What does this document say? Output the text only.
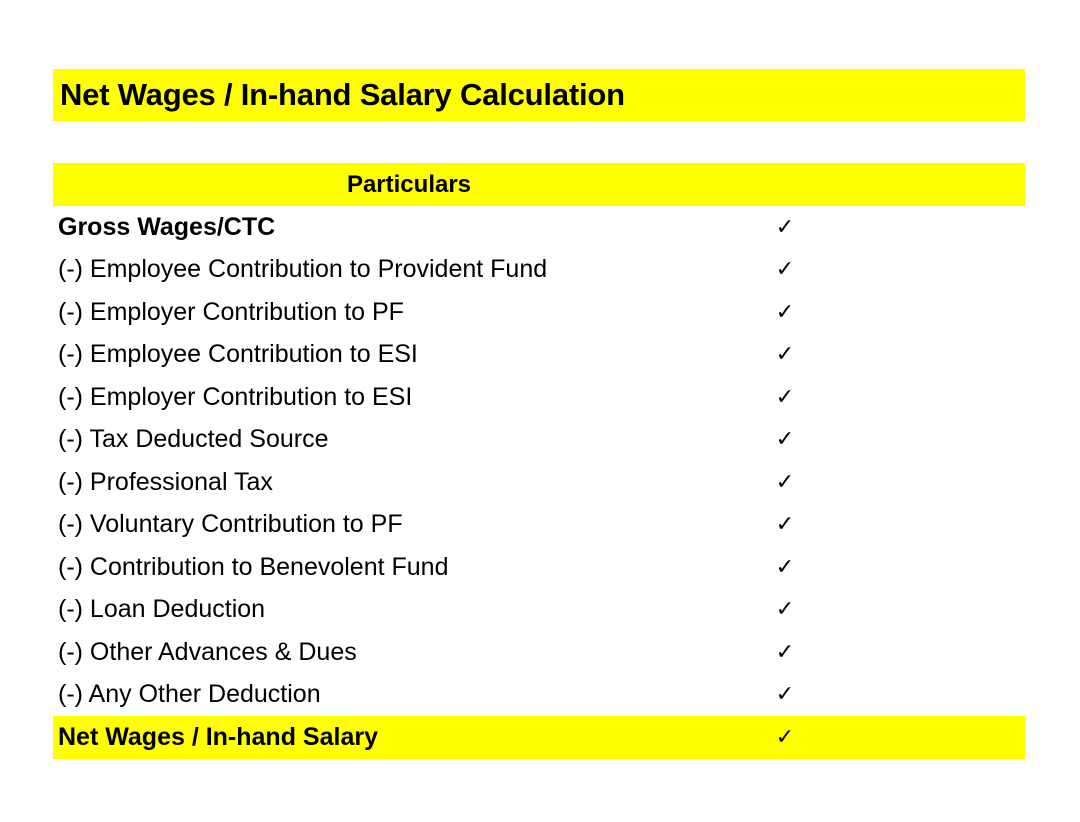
Net Wages / In-hand Salary Calculation
Particulars
Gross Wages/CTC	✓
(-) Employee Contribution to Provident Fund	✓
(-) Employer Contribution to PF	✓
(-) Employee Contribution to ESI	✓
(-) Employer Contribution to ESI	✓
(-) Tax Deducted Source	✓
(-) Professional Tax	✓
(-) Voluntary Contribution to PF	✓
(-) Contribution to Benevolent Fund	✓
(-) Loan Deduction	✓
(-) Other Advances & Dues	✓
(-) Any Other Deduction	✓
Net Wages / In-hand Salary	✓
